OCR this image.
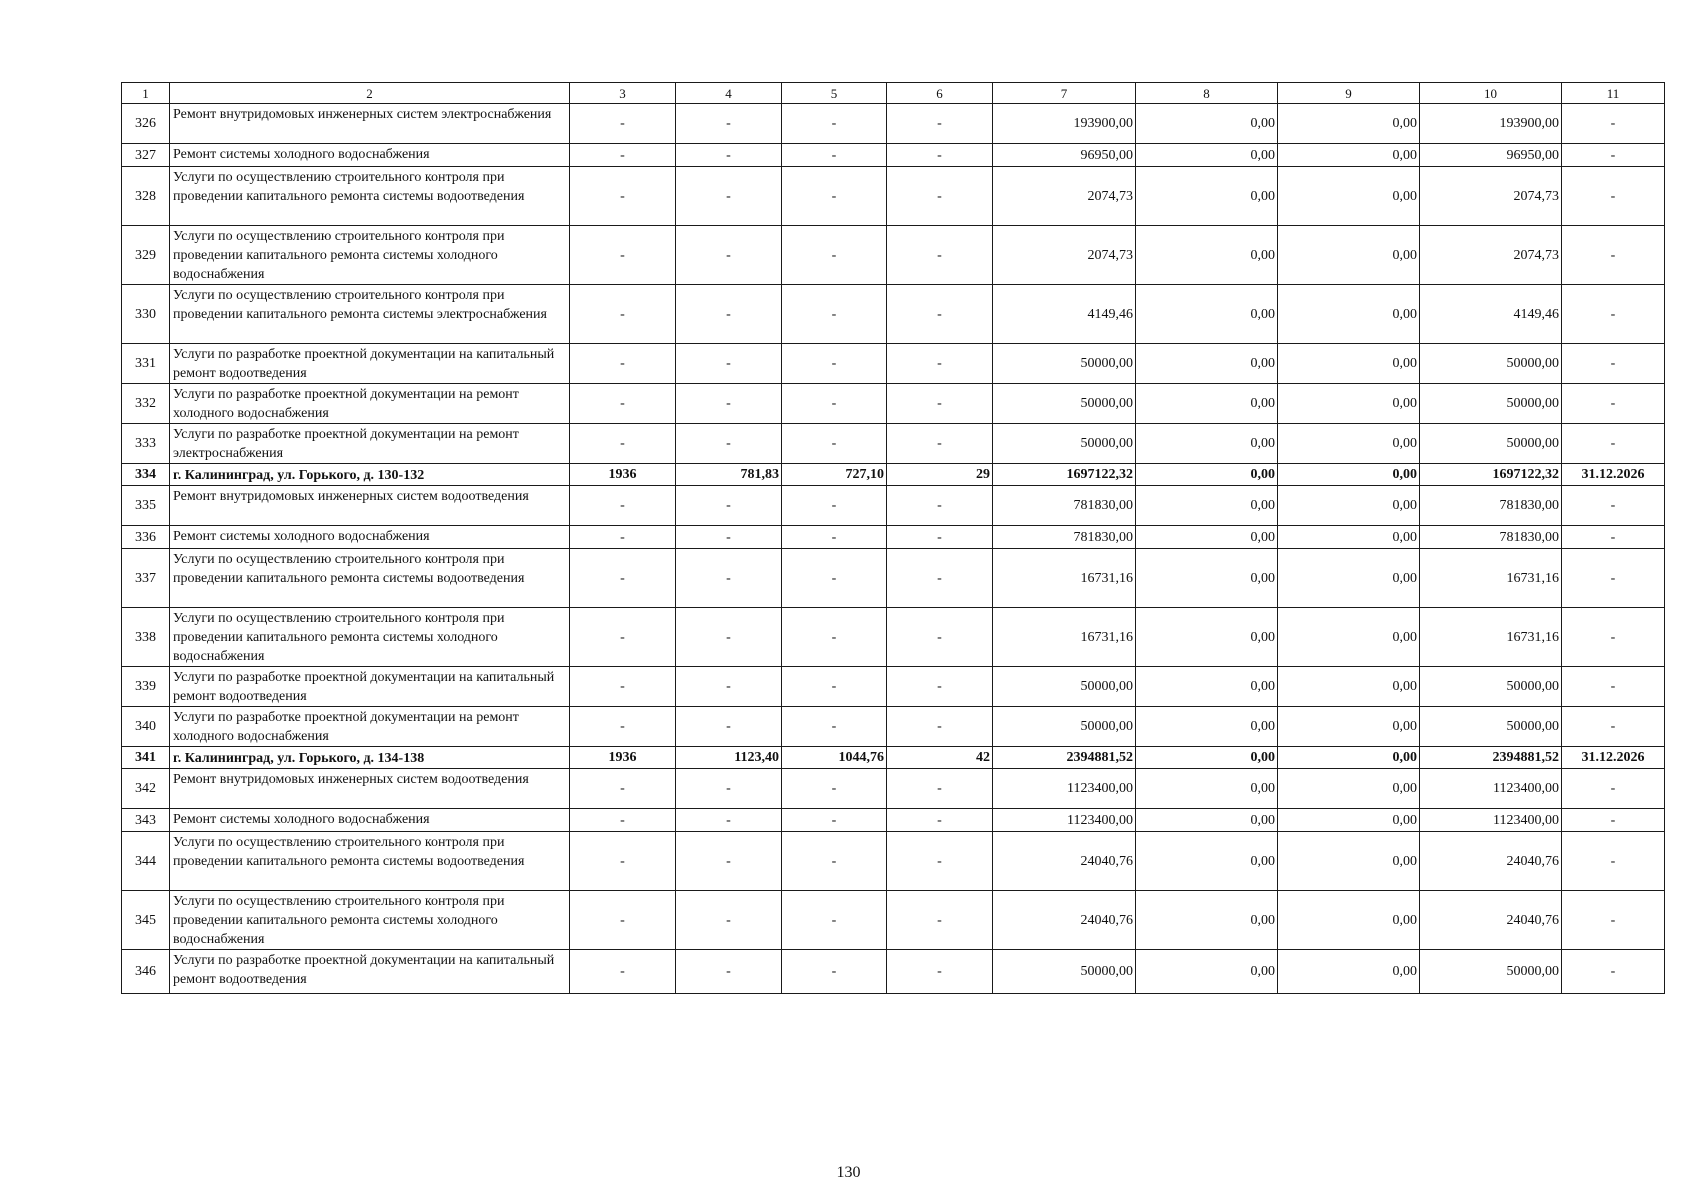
1	2	3	4	5	6	7	8	9	10	11
326	Ремонт внутридомовых инженерных систем электроснабжения	-	-	-	-	193900,00	0,00	0,00	193900,00	-
327	Ремонт системы холодного водоснабжения	-	-	-	-	96950,00	0,00	0,00	96950,00	-
328	Услуги по осуществлению строительного контроля при проведении капитального ремонта системы водоотведения	-	-	-	-	2074,73	0,00	0,00	2074,73	-
329	Услуги по осуществлению строительного контроля при проведении капитального ремонта системы холодного водоснабжения	-	-	-	-	2074,73	0,00	0,00	2074,73	-
330	Услуги по осуществлению строительного контроля при проведении капитального ремонта системы электроснабжения	-	-	-	-	4149,46	0,00	0,00	4149,46	-
331	Услуги по разработке проектной документации на капитальный ремонт водоотведения	-	-	-	-	50000,00	0,00	0,00	50000,00	-
332	Услуги по разработке проектной документации на ремонт холодного водоснабжения	-	-	-	-	50000,00	0,00	0,00	50000,00	-
333	Услуги по разработке проектной документации на ремонт электроснабжения	-	-	-	-	50000,00	0,00	0,00	50000,00	-
334	г. Калининград, ул. Горького, д. 130-132	1936	781,83	727,10	29	1697122,32	0,00	0,00	1697122,32	31.12.2026
335	Ремонт внутридомовых инженерных систем водоотведения	-	-	-	-	781830,00	0,00	0,00	781830,00	-
336	Ремонт системы холодного водоснабжения	-	-	-	-	781830,00	0,00	0,00	781830,00	-
337	Услуги по осуществлению строительного контроля при проведении капитального ремонта системы водоотведения	-	-	-	-	16731,16	0,00	0,00	16731,16	-
338	Услуги по осуществлению строительного контроля при проведении капитального ремонта системы холодного водоснабжения	-	-	-	-	16731,16	0,00	0,00	16731,16	-
339	Услуги по разработке проектной документации на капитальный ремонт водоотведения	-	-	-	-	50000,00	0,00	0,00	50000,00	-
340	Услуги по разработке проектной документации на ремонт холодного водоснабжения	-	-	-	-	50000,00	0,00	0,00	50000,00	-
341	г. Калининград, ул. Горького, д. 134-138	1936	1123,40	1044,76	42	2394881,52	0,00	0,00	2394881,52	31.12.2026
342	Ремонт внутридомовых инженерных систем водоотведения	-	-	-	-	1123400,00	0,00	0,00	1123400,00	-
343	Ремонт системы холодного водоснабжения	-	-	-	-	1123400,00	0,00	0,00	1123400,00	-
344	Услуги по осуществлению строительного контроля при проведении капитального ремонта системы водоотведения	-	-	-	-	24040,76	0,00	0,00	24040,76	-
345	Услуги по осуществлению строительного контроля при проведении капитального ремонта системы холодного водоснабжения	-	-	-	-	24040,76	0,00	0,00	24040,76	-
346	Услуги по разработке проектной документации на капитальный ремонт водоотведения	-	-	-	-	50000,00	0,00	0,00	50000,00	-
130
